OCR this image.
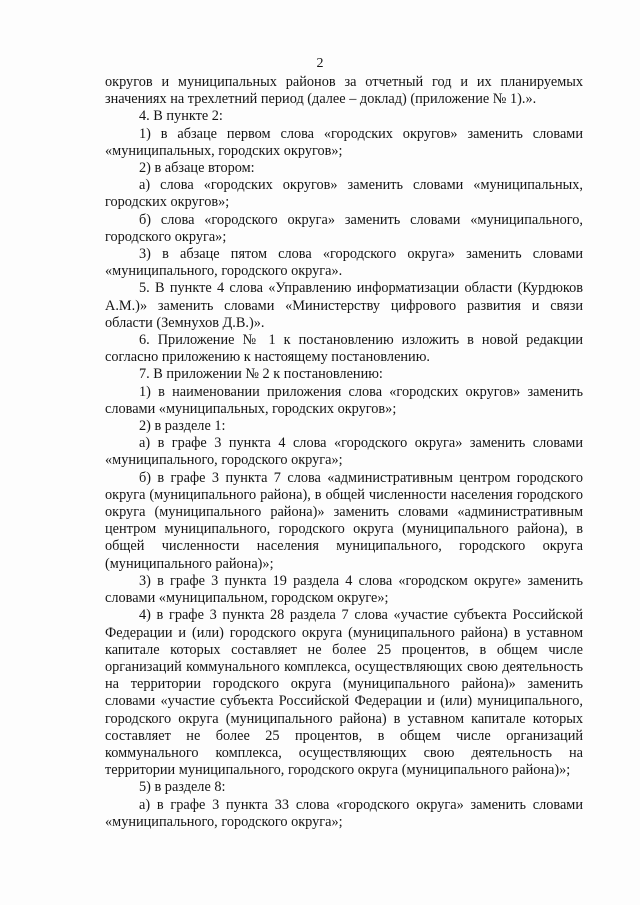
2

округов и муниципальных районов за отчетный год и их планируемых значениях на трехлетний период (далее – доклад) (приложение № 1).».

4. В пункте 2:

1) в абзаце первом слова «городских округов» заменить словами «муниципальных, городских округов»;

2) в абзаце втором:

а) слова «городских округов» заменить словами «муниципальных, городских округов»;

б) слова «городского округа» заменить словами «муниципального, городского округа»;

3) в абзаце пятом слова «городского округа» заменить словами «муниципального, городского округа».

5. В пункте 4 слова «Управлению информатизации области (Курдюков А.М.)» заменить словами «Министерству цифрового развития и связи области (Земнухов Д.В.)».

6. Приложение № 1 к постановлению изложить в новой редакции согласно приложению к настоящему постановлению.

7. В приложении № 2 к постановлению:

1) в наименовании приложения слова «городских округов» заменить словами «муниципальных, городских округов»;

2) в разделе 1:

а) в графе 3 пункта 4 слова «городского округа» заменить словами «муниципального, городского округа»;

б) в графе 3 пункта 7 слова «административным центром городского округа (муниципального района), в общей численности населения городского округа (муниципального района)» заменить словами «административным центром муниципального, городского округа (муниципального района), в общей численности населения муниципального, городского округа (муниципального района)»;

3) в графе 3 пункта 19 раздела 4 слова «городском округе» заменить словами «муниципальном, городском округе»;

4) в графе 3 пункта 28 раздела 7 слова «участие субъекта Российской Федерации и (или) городского округа (муниципального района) в уставном капитале которых составляет не более 25 процентов, в общем числе организаций коммунального комплекса, осуществляющих свою деятельность на территории городского округа (муниципального района)» заменить словами «участие субъекта Российской Федерации и (или) муниципального, городского округа (муниципального района) в уставном капитале которых составляет не более 25 процентов, в общем числе организаций коммунального комплекса, осуществляющих свою деятельность на территории муниципального, городского округа (муниципального района)»;

5) в разделе 8:

а) в графе 3 пункта 33 слова «городского округа» заменить словами «муниципального, городского округа»;
